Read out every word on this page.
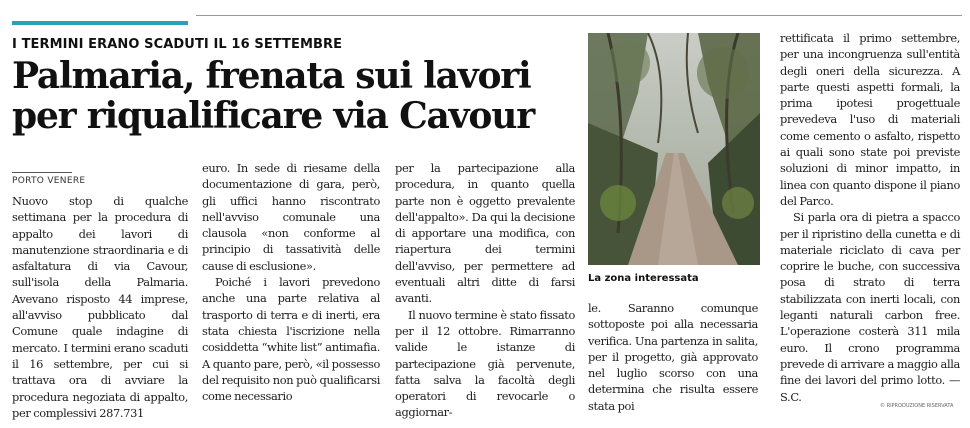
I TERMINI ERANO SCADUTI IL 16 SETTEMBRE

Palmaria, frenata sui lavori
per riqualificare via Cavour

PORTO VENERE

Nuovo stop di qualche settimana per la procedura di appalto dei lavori di manutenzione straordinaria e di asfaltatura di via Cavour, sull'isola della Palmaria. Avevano risposto 44 imprese, all'avviso pubblicato dal Comune quale indagine di mercato. I termini erano scaduti il 16 settembre, per cui si trattava ora di avviare la procedura negoziata di appalto, per complessivi 287.731

euro. In sede di riesame della documentazione di gara, però, gli uffici hanno riscontrato nell'avviso comunale una clausola «non conforme al principio di tassatività delle cause di esclusione».

Poiché i lavori prevedono anche una parte relativa al trasporto di terra e di inerti, era stata chiesta l'iscrizione nella cosiddetta “white list” antimafia. A quanto pare, però, «il possesso del requisito non può qualificarsi come necessario

per la partecipazione alla procedura, in quanto quella parte non è oggetto prevalente dell'appalto». Da qui la decisione di apportare una modifica, con riapertura dei termini dell'avviso, per permettere ad eventuali altri ditte di farsi avanti.

Il nuovo termine è stato fissato per il 12 ottobre. Rimarranno valide le istanze di partecipazione già pervenute, fatta salva la facoltà degli operatori di revocarle o aggiornar-

La zona interessata

le. Saranno comunque sottoposte poi alla necessaria verifica. Una partenza in salita, per il progetto, già approvato nel luglio scorso con una determina che risulta essere stata poi

rettificata il primo settembre, per una incongruenza sull'entità degli oneri della sicurezza. A parte questi aspetti formali, la prima ipotesi progettuale prevedeva l'uso di materiali come cemento o asfalto, rispetto ai quali sono state poi previste soluzioni di minor impatto, in linea con quanto dispone il piano del Parco.

Si parla ora di pietra a spacco per il ripristino della cunetta e di materiale riciclato di cava per coprire le buche, con successiva posa di strato di terra stabilizzata con inerti locali, con leganti naturali carbon free. L'operazione costerà 311 mila euro. Il crono programma prevede di arrivare a maggio alla fine dei lavori del primo lotto. — S.C.

© RIPRODUZIONE RISERVATA
